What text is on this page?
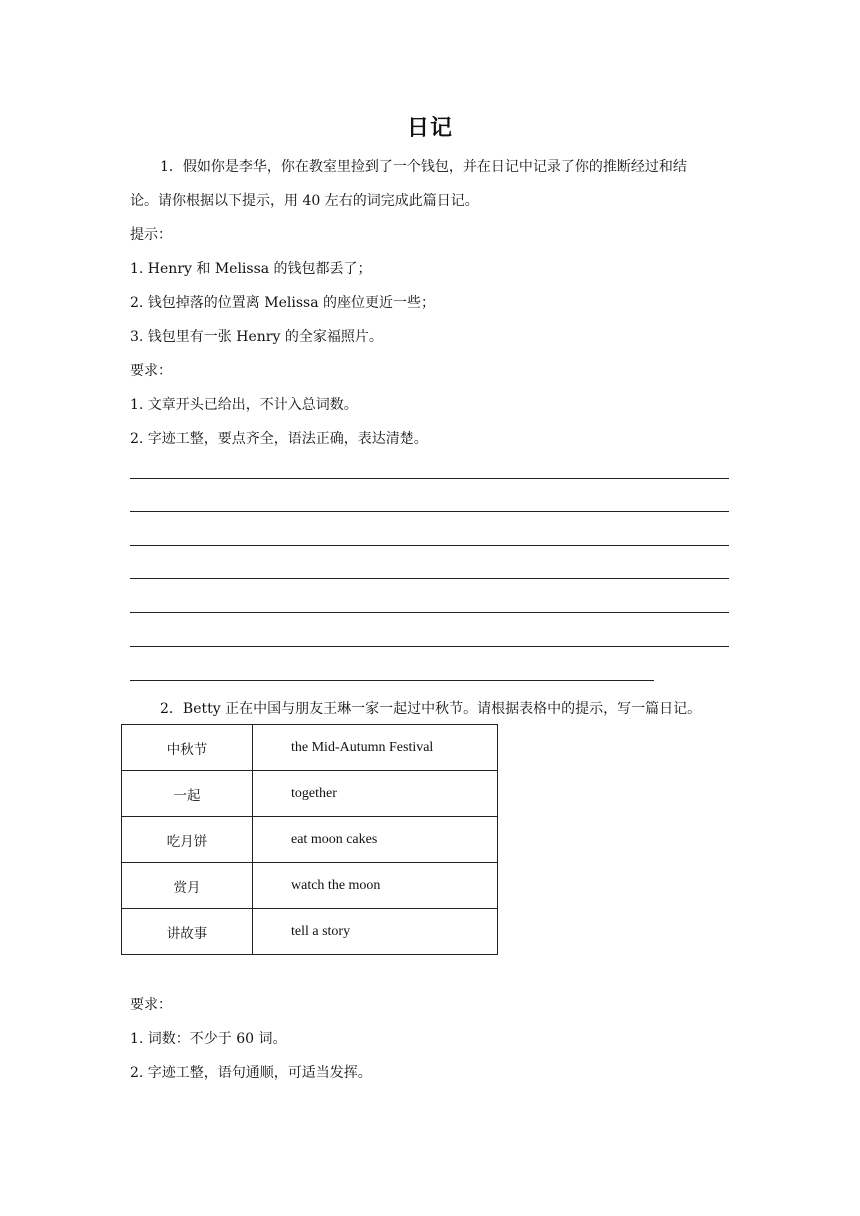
日记
1．假如你是李华，你在教室里捡到了一个钱包，并在日记中记录了你的推断经过和结
论。请你根据以下提示，用 40 左右的词完成此篇日记。
提示：
1. Henry 和 Melissa 的钱包都丢了；
2. 钱包掉落的位置离 Melissa 的座位更近一些；
3. 钱包里有一张 Henry 的全家福照片。
要求：
1. 文章开头已给出，不计入总词数。
2. 字迹工整，要点齐全，语法正确，表达清楚。
2．Betty 正在中国与朋友王琳一家一起过中秋节。请根据表格中的提示，写一篇日记。
中秋节	the Mid-Autumn Festival
一起	together
吃月饼	eat moon cakes
赏月	watch the moon
讲故事	tell a story
要求：
1. 词数：不少于 60 词。
2. 字迹工整，语句通顺，可适当发挥。
